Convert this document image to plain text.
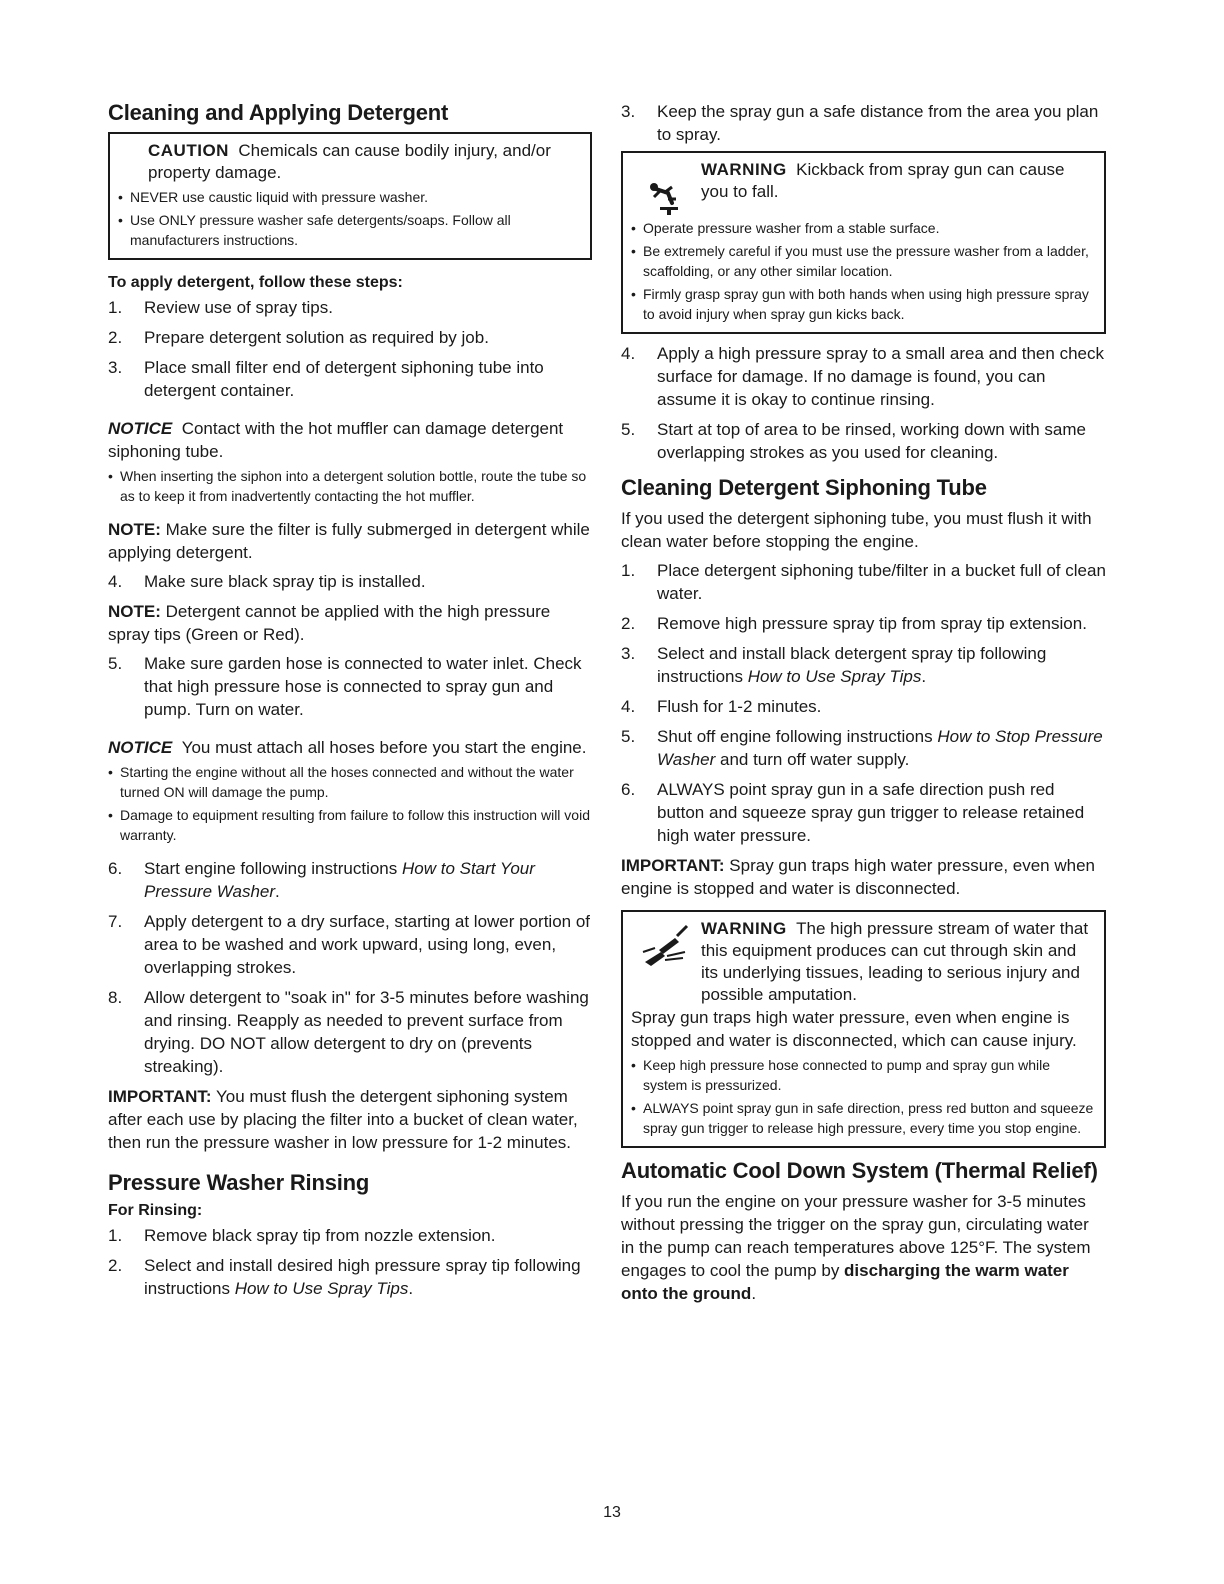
Cleaning and Applying Detergent
CAUTION Chemicals can cause bodily injury, and/or property damage.
• NEVER use caustic liquid with pressure washer.
• Use ONLY pressure washer safe detergents/soaps. Follow all manufacturers instructions.
To apply detergent, follow these steps:
1.	Review use of spray tips.
2.	Prepare detergent solution as required by job.
3.	Place small filter end of detergent siphoning tube into detergent container.

NOTICE Contact with the hot muffler can damage detergent siphoning tube.

• When inserting the siphon into a detergent solution bottle, route the tube so as to keep it from inadvertently contacting the hot muffler.

NOTE: Make sure the filter is fully submerged in detergent while applying detergent.

4.	Make sure black spray tip is installed.

NOTE: Detergent cannot be applied with the high pressure spray tips (Green or Red).

5.	Make sure garden hose is connected to water inlet. Check that high pressure hose is connected to spray gun and pump. Turn on water.

NOTICE You must attach all hoses before you start the engine.

• Starting the engine without all the hoses connected and without the water turned ON will damage the pump.
• Damage to equipment resulting from failure to follow this instruction will void warranty.
6.	Start engine following instructions How to Start Your Pressure Washer.
7.	Apply detergent to a dry surface, starting at lower portion of area to be washed and work upward, using long, even, overlapping strokes.
8.	Allow detergent to "soak in" for 3-5 minutes before washing and rinsing. Reapply as needed to prevent surface from drying. DO NOT allow detergent to dry on (prevents streaking).

IMPORTANT: You must flush the detergent siphoning system after each use by placing the filter into a bucket of clean water, then run the pressure washer in low pressure for 1-2 minutes.

Pressure Washer Rinsing
For Rinsing:
1.	Remove black spray tip from nozzle extension.
2.	Select and install desired high pressure spray tip following instructions How to Use Spray Tips.
3.	Keep the spray gun a safe distance from the area you plan to spray.
WARNING Kickback from spray gun can cause you to fall.
• Operate pressure washer from a stable surface.
• Be extremely careful if you must use the pressure washer from a ladder, scaffolding, or any other similar location.
• Firmly grasp spray gun with both hands when using high pressure spray to avoid injury when spray gun kicks back.
4.	Apply a high pressure spray to a small area and then check surface for damage. If no damage is found, you can assume it is okay to continue rinsing.
5.	Start at top of area to be rinsed, working down with same overlapping strokes as you used for cleaning.
Cleaning Detergent Siphoning Tube

If you used the detergent siphoning tube, you must flush it with clean water before stopping the engine.

1.	Place detergent siphoning tube/filter in a bucket full of clean water.
2.	Remove high pressure spray tip from spray tip extension.
3.	Select and install black detergent spray tip following instructions How to Use Spray Tips.
4.	Flush for 1-2 minutes.
5.	Shut off engine following instructions How to Stop Pressure Washer and turn off water supply.
6.	ALWAYS point spray gun in a safe direction push red button and squeeze spray gun trigger to release retained high water pressure.

IMPORTANT: Spray gun traps high water pressure, even when engine is stopped and water is disconnected.

WARNING The high pressure stream of water that this equipment produces can cut through skin and its underlying tissues, leading to serious injury and possible amputation.

Spray gun traps high water pressure, even when engine is stopped and water is disconnected, which can cause injury.

• Keep high pressure hose connected to pump and spray gun while system is pressurized.
• ALWAYS point spray gun in safe direction, press red button and squeeze spray gun trigger to release high pressure, every time you stop engine.
Automatic Cool Down System (Thermal Relief)

If you run the engine on your pressure washer for 3-5 minutes without pressing the trigger on the spray gun, circulating water in the pump can reach temperatures above 125°F. The system engages to cool the pump by discharging the warm water onto the ground.

13
